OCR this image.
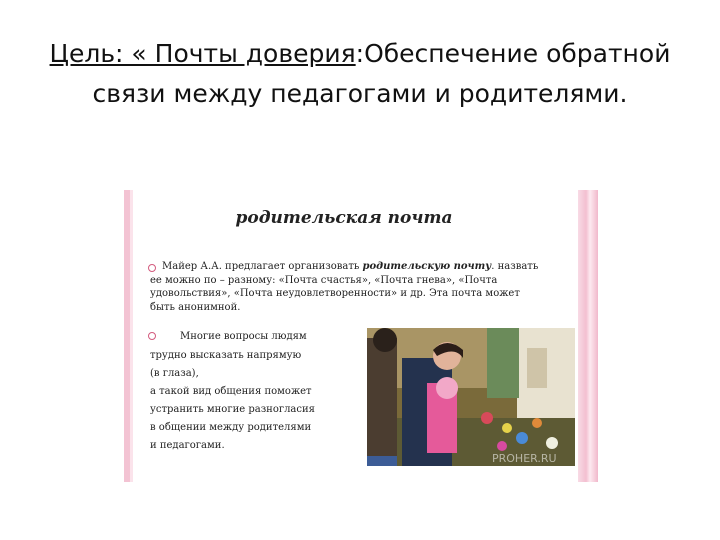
Цель: « Почты доверия:Обеспечение обратной связи между педагогами и родителями.
родительская почта
Майер А.А. предлагает организовать родительскую почту. назвать ее можно по – разному: «Почта счастья», «Почта гнева», «Почта удовольствия», «Почта неудовлетворенности» и др. Эта почта может быть анонимной.
Многие вопросы людям
трудно высказать напрямую
(в глаза),
а такой вид общения поможет
устранить многие разногласия
в общении между родителями
и педагогами.
PROHER.RU
